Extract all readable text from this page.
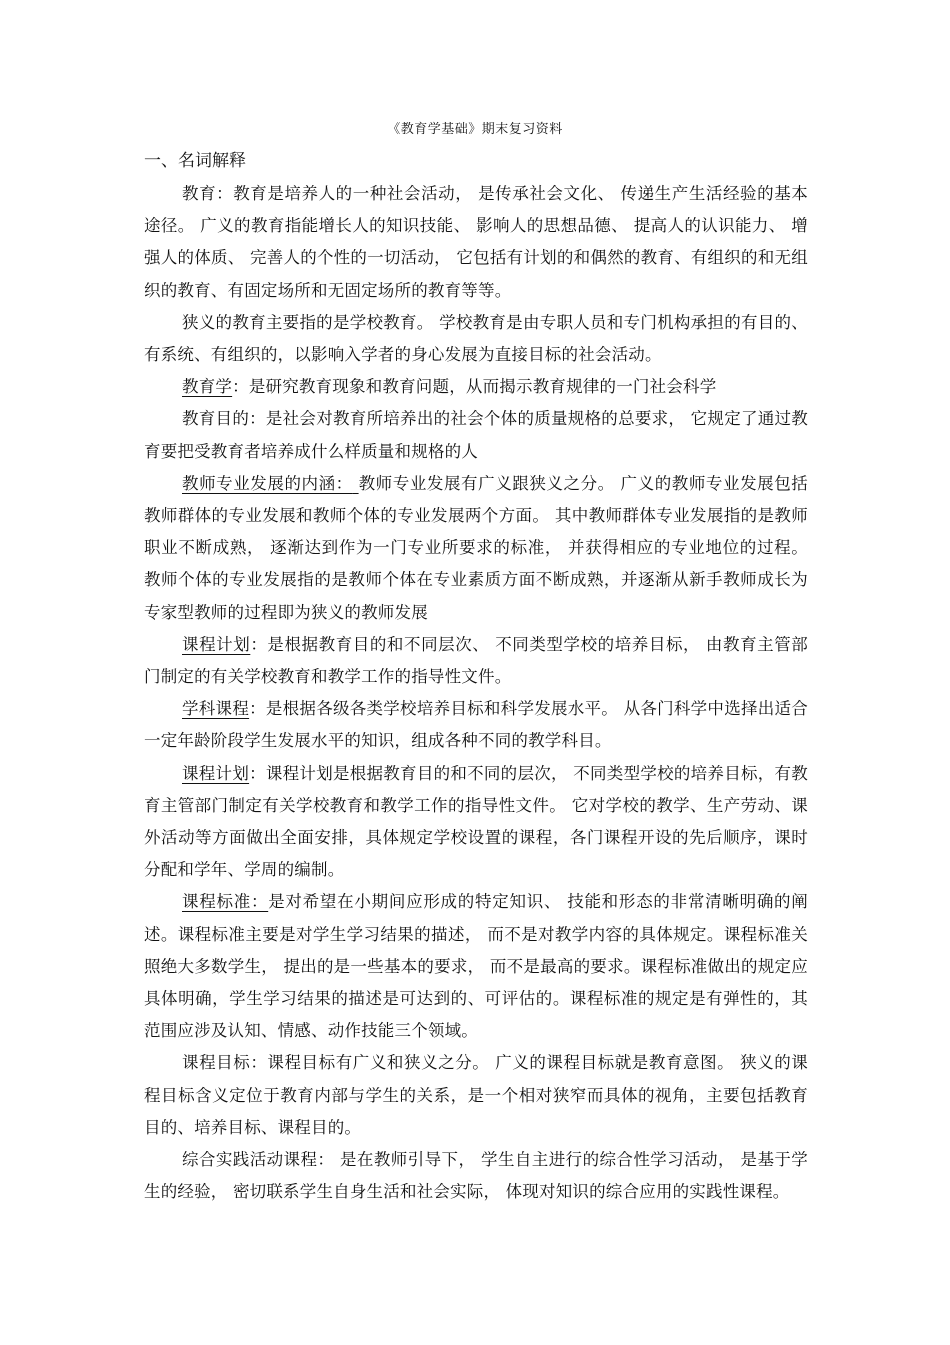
《教育学基础》期末复习资料
一、名词解释

教育：教育是培养人的一种社会活动， 是传承社会文化、 传递生产生活经验的基本途径。 广义的教育指能增长人的知识技能、 影响人的思想品德、 提高人的认识能力、 增强人的体质、 完善人的个性的一切活动， 它包括有计划的和偶然的教育、有组织的和无组织的教育、有固定场所和无固定场所的教育等等。

狭义的教育主要指的是学校教育。 学校教育是由专职人员和专门机构承担的有目的、有系统、有组织的，以影响入学者的身心发展为直接目标的社会活动。

教育学：是研究教育现象和教育问题，从而揭示教育规律的一门社会科学

教育目的：是社会对教育所培养出的社会个体的质量规格的总要求， 它规定了通过教育要把受教育者培养成什么样质量和规格的人

教师专业发展的内涵： 教师专业发展有广义跟狭义之分。 广义的教师专业发展包括教师群体的专业发展和教师个体的专业发展两个方面。 其中教师群体专业发展指的是教师职业不断成熟， 逐渐达到作为一门专业所要求的标准， 并获得相应的专业地位的过程。 教师个体的专业发展指的是教师个体在专业素质方面不断成熟，并逐渐从新手教师成长为专家型教师的过程即为狭义的教师发展

课程计划：是根据教育目的和不同层次、 不同类型学校的培养目标， 由教育主管部门制定的有关学校教育和教学工作的指导性文件。

学科课程：是根据各级各类学校培养目标和科学发展水平。 从各门科学中选择出适合一定年龄阶段学生发展水平的知识，组成各种不同的教学科目。

课程计划：课程计划是根据教育目的和不同的层次， 不同类型学校的培养目标，有教育主管部门制定有关学校教育和教学工作的指导性文件。 它对学校的教学、生产劳动、课外活动等方面做出全面安排，具体规定学校设置的课程，各门课程开设的先后顺序，课时分配和学年、学周的编制。

课程标准：是对希望在小期间应形成的特定知识、 技能和形态的非常清晰明确的阐述。课程标准主要是对学生学习结果的描述， 而不是对教学内容的具体规定。课程标准关照绝大多数学生， 提出的是一些基本的要求， 而不是最高的要求。课程标准做出的规定应具体明确，学生学习结果的描述是可达到的、可评估的。课程标准的规定是有弹性的，其范围应涉及认知、情感、动作技能三个领域。

课程目标：课程目标有广义和狭义之分。 广义的课程目标就是教育意图。 狭义的课程目标含义定位于教育内部与学生的关系，是一个相对狭窄而具体的视角，主要包括教育目的、培养目标、课程目的。

综合实践活动课程： 是在教师引导下， 学生自主进行的综合性学习活动， 是基于学生的经验， 密切联系学生自身生活和社会实际， 体现对知识的综合应用的实践性课程。
